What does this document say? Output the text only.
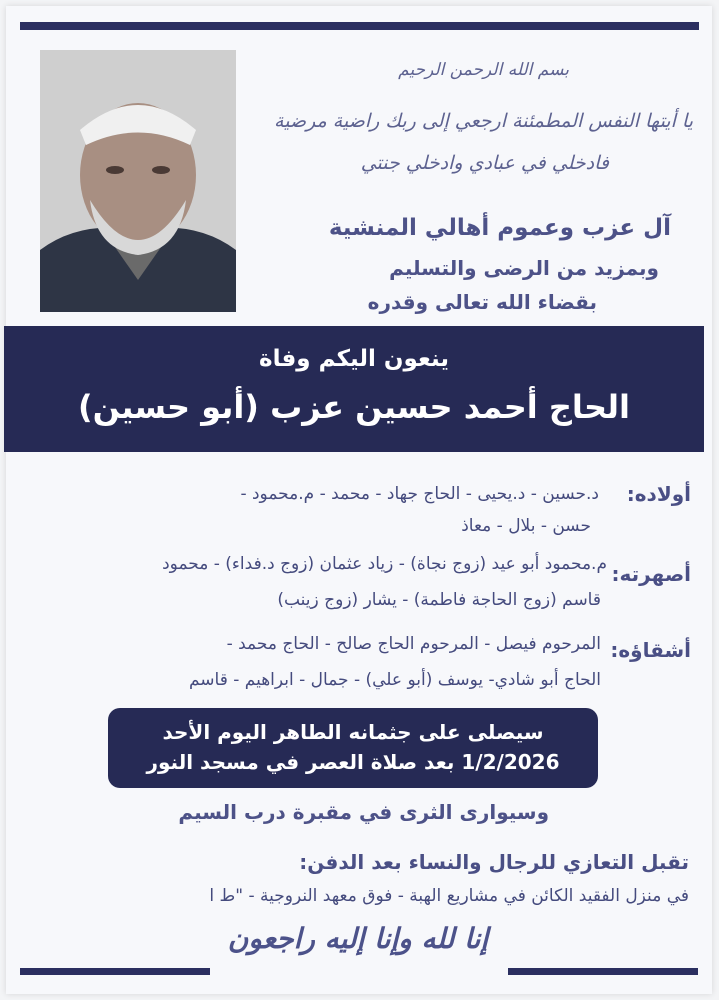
بسم الله الرحمن الرحيم
يا أيتها النفس المطمئنة ارجعي إلى ربك راضية مرضية
فادخلي في عبادي وادخلي جنتي
آل عزب وعموم أهالي المنشية
وبمزيد من الرضى والتسليم
بقضاء الله تعالى وقدره
ينعون اليكم وفاة
الحاج أحمد حسين عزب (أبو حسين)
أولاده:
د.حسين - د.يحيى - الحاج جهاد - محمد - م.محمود -
حسن - بلال - معاذ
أصهرته:
م.محمود أبو عيد (زوج نجاة) - زياد عثمان (زوج د.فداء) - محمود
قاسم (زوج الحاجة فاطمة) - يشار (زوج زينب)
أشقاؤه:
المرحوم فيصل - المرحوم الحاج صالح - الحاج محمد -
الحاج أبو شادي- يوسف (أبو علي) - جمال - ابراهيم - قاسم
سيصلى على جثمانه الطاهر اليوم الأحد
1/2/2026 بعد صلاة العصر في مسجد النور
وسيوارى الثرى في مقبرة درب السيم
تقبل التعازي للرجال والنساء بعد الدفن:
في منزل الفقيد الكائن في مشاريع الهبة - فوق معهد النروجية - "ط ا
إنا لله وإنا إليه راجعون
